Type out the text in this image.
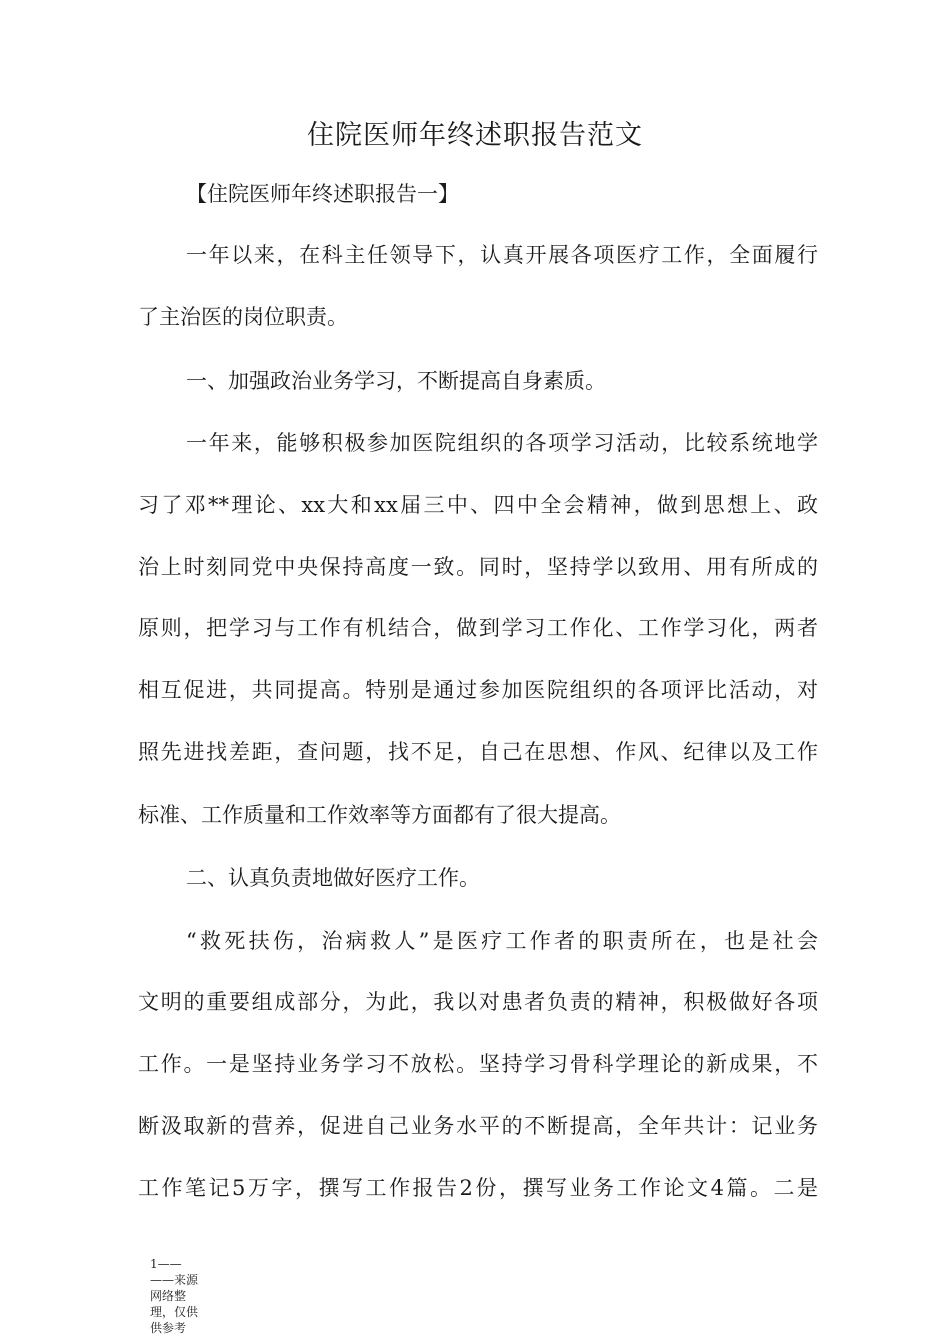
住院医师年终述职报告范文
【住院医师年终述职报告一】
一年以来，在科主任领导下，认真开展各项医疗工作，全面履行
了主治医的岗位职责。
一、加强政治业务学习，不断提高自身素质。
一年来，能够积极参加医院组织的各项学习活动，比较系统地学
习了邓**理论、xx大和xx届三中、四中全会精神，做到思想上、政
治上时刻同党中央保持高度一致。同时，坚持学以致用、用有所成的
原则，把学习与工作有机结合，做到学习工作化、工作学习化，两者
相互促进，共同提高。特别是通过参加医院组织的各项评比活动，对
照先进找差距，查问题，找不足，自己在思想、作风、纪律以及工作
标准、工作质量和工作效率等方面都有了很大提高。
二、认真负责地做好医疗工作。
“救死扶伤，治病救人”是医疗工作者的职责所在，也是社会
文明的重要组成部分，为此，我以对患者负责的精神，积极做好各项
工作。一是坚持业务学习不放松。坚持学习骨科学理论的新成果，不
断汲取新的营养，促进自己业务水平的不断提高，全年共计：记业务
工作笔记5万字，撰写工作报告2份，撰写业务工作论文4篇。二是
1—— ——来源网络整理，仅供供参考
